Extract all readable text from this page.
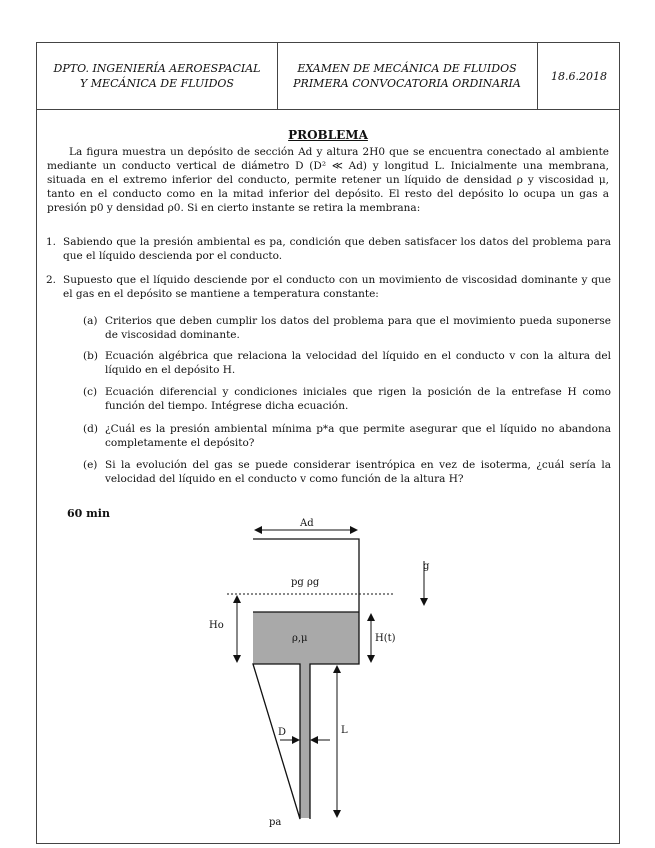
DPTO. INGENIERÍA AEROESPACIAL
Y MECÁNICA DE FLUIDOS
EXAMEN DE MECÁNICA DE FLUIDOS
PRIMERA CONVOCATORIA ORDINARIA
18.6.2018
PROBLEMA

La figura muestra un depósito de sección Ad y altura 2H0 que se encuentra conectado al ambiente mediante un conducto vertical de diámetro D (D² ≪ Ad) y longitud L. Inicialmente una membrana, situada en el extremo inferior del conducto, permite retener un líquido de densidad ρ y viscosidad μ, tanto en el conducto como en la mitad inferior del depósito. El resto del depósito lo ocupa un gas a presión p0 y densidad ρ0. Si en cierto instante se retira la membrana:

1. Sabiendo que la presión ambiental es pa, condición que deben satisfacer los datos del problema para que el líquido descienda por el conducto.
2. Supuesto que el líquido desciende por el conducto con un movimiento de viscosidad dominante y que el gas en el depósito se mantiene a temperatura constante:
(a) Criterios que deben cumplir los datos del problema para que el movimiento pueda suponerse de viscosidad dominante.
(b) Ecuación algébrica que relaciona la velocidad del líquido en el conducto v con la altura del líquido en el depósito H.
(c) Ecuación diferencial y condiciones iniciales que rigen la posición de la entrefase H como función del tiempo. Intégrese dicha ecuación.
(d) ¿Cuál es la presión ambiental mínima p*a que permite asegurar que el líquido no abandona completamente el depósito?
(e) Si la evolución del gas se puede considerar isentrópica en vez de isoterma, ¿cuál sería la velocidad del líquido en el conducto v como función de la altura H?
60 min
Ad
pg ρg
ρ,μ
Ho
H(t)
g
L
D
pa
